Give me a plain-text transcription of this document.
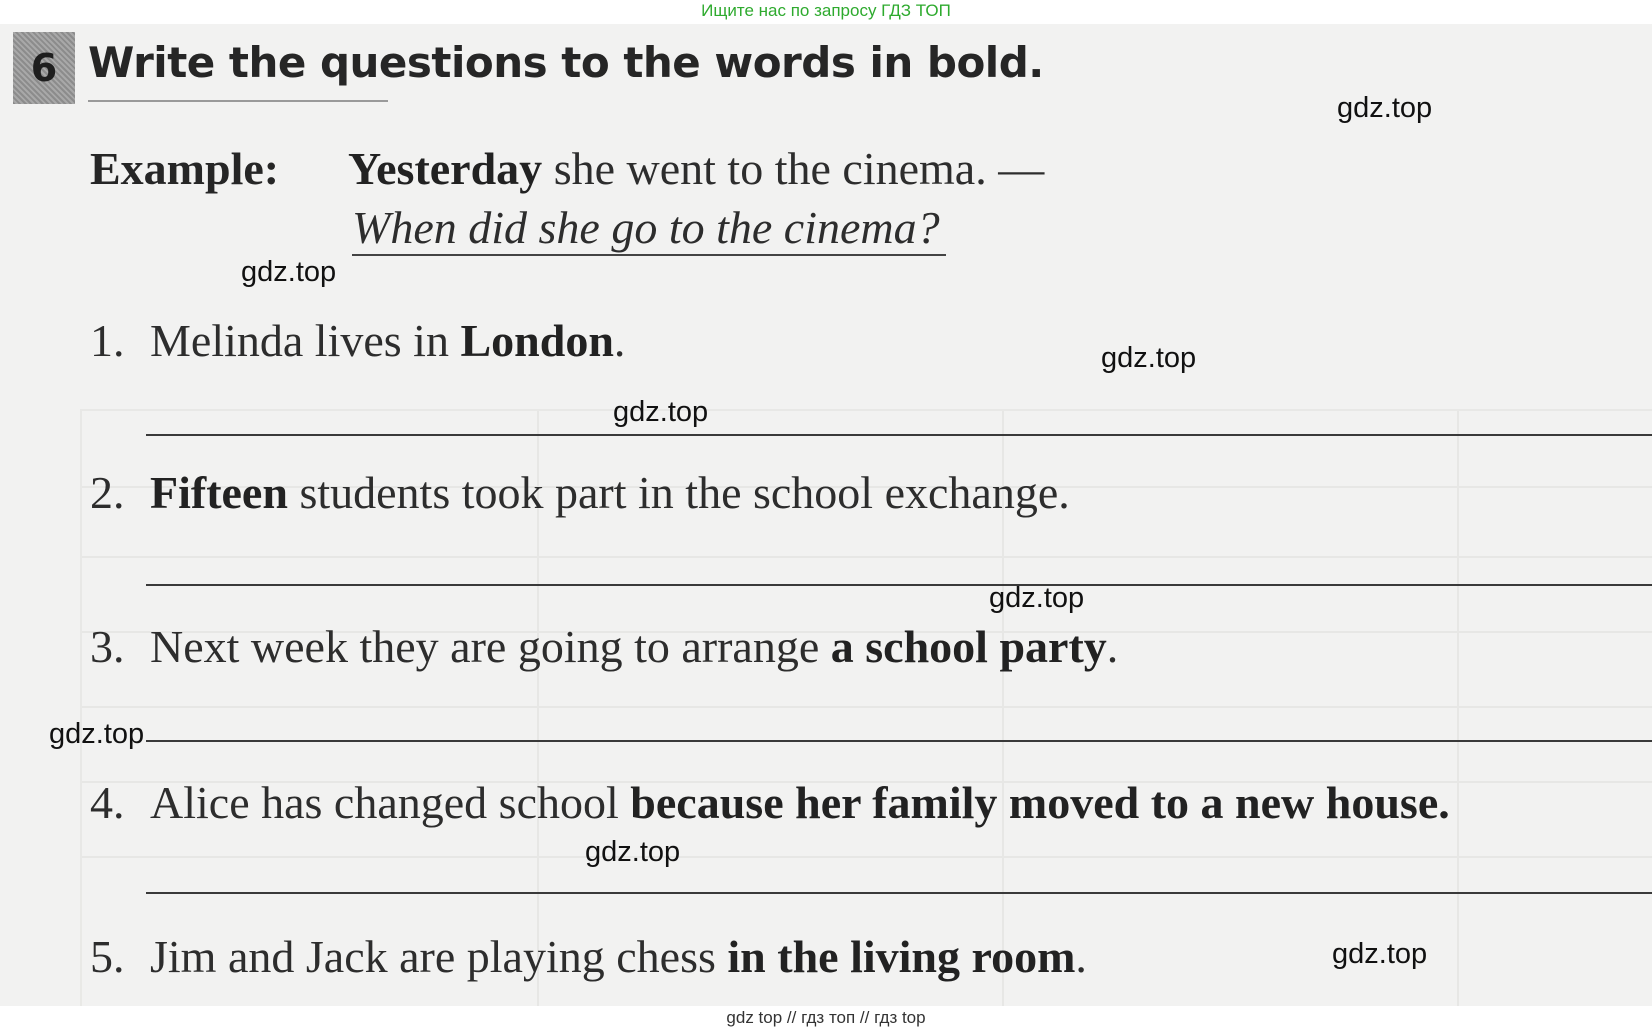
Ищите нас по запросу ГДЗ ТОП
6 Write the questions to the words in bold.
Example: Yesterday she went to the cinema. —
When did she go to the cinema?
1. Melinda lives in London.
2. Fifteen students took part in the school exchange.
3. Next week they are going to arrange a school party.
4. Alice has changed school because her family moved to a new house.
5. Jim and Jack are playing chess in the living room.
gdz.top
gdz.top
gdz.top
gdz.top
gdz.top
gdz.top
gdz.top
gdz.top
gdz top // гдз топ // гдз top
